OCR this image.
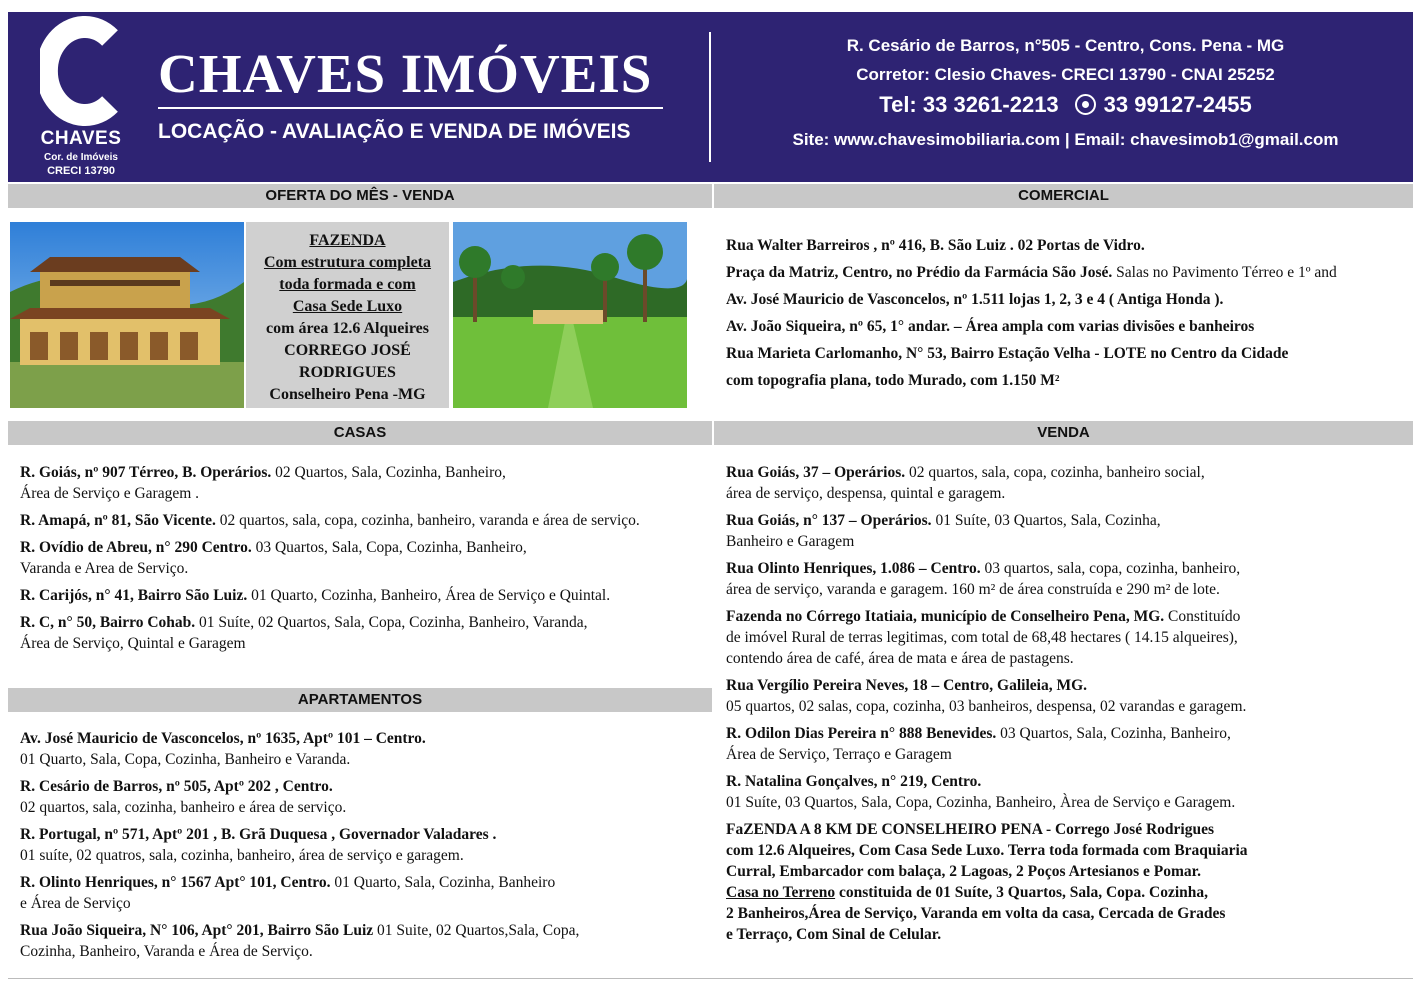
CHAVES
Cor. de Imóveis
CRECI 13790
CHAVES IMÓVEIS
LOCAÇÃO - AVALIAÇÃO E VENDA DE IMÓVEIS
R. Cesário de Barros, n°505 - Centro, Cons. Pena - MG
Corretor: Clesio Chaves- CRECI 13790 - CNAI 25252
Tel: 33 3261-2213 33 99127-2455
Site: www.chavesimobiliaria.com | Email: chavesimob1@gmail.com
OFERTA DO MÊS - VENDA	COMERCIAL
CASAS	VENDA
APARTAMENTOS
FAZENDA
Com estrutura completa
toda formada e com
Casa Sede Luxo
com área 12.6 Alqueires
CORREGO JOSÉ
RODRIGUES
Conselheiro Pena -MG
Rua Walter Barreiros , nº 416, B. São Luiz . 02 Portas de Vidro.
Praça da Matriz, Centro, no Prédio da Farmácia São José. Salas no Pavimento Térreo e 1º and
Av. José Mauricio de Vasconcelos, nº 1.511 lojas 1, 2, 3 e 4 ( Antiga Honda ).
Av. João Siqueira, nº 65, 1° andar. – Área ampla com varias divisões e banheiros
Rua Marieta Carlomanho, N° 53, Bairro Estação Velha - LOTE no Centro da Cidade
com topografia plana, todo Murado, com 1.150 M²
R. Goiás, nº 907 Térreo, B. Operários. 02 Quartos, Sala, Cozinha, Banheiro,
Área de Serviço e Garagem .
R. Amapá, nº 81, São Vicente. 02 quartos, sala, copa, cozinha, banheiro, varanda e área de serviço.
R. Ovídio de Abreu, n° 290 Centro. 03 Quartos, Sala, Copa, Cozinha, Banheiro,
Varanda e Area de Serviço.
R. Carijós, n° 41, Bairro São Luiz. 01 Quarto, Cozinha, Banheiro, Área de Serviço e Quintal.
R. C, n° 50, Bairro Cohab. 01 Suíte, 02 Quartos, Sala, Copa, Cozinha, Banheiro, Varanda,
Área de Serviço, Quintal e Garagem
Av. José Mauricio de Vasconcelos, nº 1635, Aptº 101 – Centro.
01 Quarto, Sala, Copa, Cozinha, Banheiro e Varanda.
R. Cesário de Barros, nº 505, Aptº 202 , Centro.
02 quartos, sala, cozinha, banheiro e área de serviço.
R. Portugal, nº 571, Aptº 201 , B. Grã Duquesa , Governador Valadares .
01 suíte, 02 quatros, sala, cozinha, banheiro, área de serviço e garagem.
R. Olinto Henriques, n° 1567 Apt° 101, Centro. 01 Quarto, Sala, Cozinha, Banheiro
e Área de Serviço
Rua João Siqueira, N° 106, Apt° 201, Bairro São Luiz 01 Suite, 02 Quartos,Sala, Copa,
Cozinha, Banheiro, Varanda e Área de Serviço.
Rua Goiás, 37 – Operários. 02 quartos, sala, copa, cozinha, banheiro social,
área de serviço, despensa, quintal e garagem.
Rua Goiás, n° 137 – Operários. 01 Suíte, 03 Quartos, Sala, Cozinha,
Banheiro e Garagem
Rua Olinto Henriques, 1.086 – Centro. 03 quartos, sala, copa, cozinha, banheiro,
área de serviço, varanda e garagem. 160 m² de área construída e 290 m² de lote.
Fazenda no Córrego Itatiaia, município de Conselheiro Pena, MG. Constituído
de imóvel Rural de terras legitimas, com total de 68,48 hectares ( 14.15 alqueires),
contendo área de café, área de mata e área de pastagens.
Rua Vergílio Pereira Neves, 18 – Centro, Galileia, MG.
05 quartos, 02 salas, copa, cozinha, 03 banheiros, despensa, 02 varandas e garagem.
R. Odilon Dias Pereira n° 888 Benevides. 03 Quartos, Sala, Cozinha, Banheiro,
Área de Serviço, Terraço e Garagem
R. Natalina Gonçalves, n° 219, Centro.
01 Suíte, 03 Quartos, Sala, Copa, Cozinha, Banheiro, Àrea de Serviço e Garagem.
FaZENDA A 8 KM DE CONSELHEIRO PENA - Corrego José Rodrigues
com 12.6 Alqueires, Com Casa Sede Luxo. Terra toda formada com Braquiaria
Curral, Embarcador com balaça, 2 Lagoas, 2 Poços Artesianos e Pomar.
Casa no Terreno constituida de 01 Suíte, 3 Quartos, Sala, Copa. Cozinha,
2 Banheiros,Área de Serviço, Varanda em volta da casa, Cercada de Grades
e Terraço, Com Sinal de Celular.
